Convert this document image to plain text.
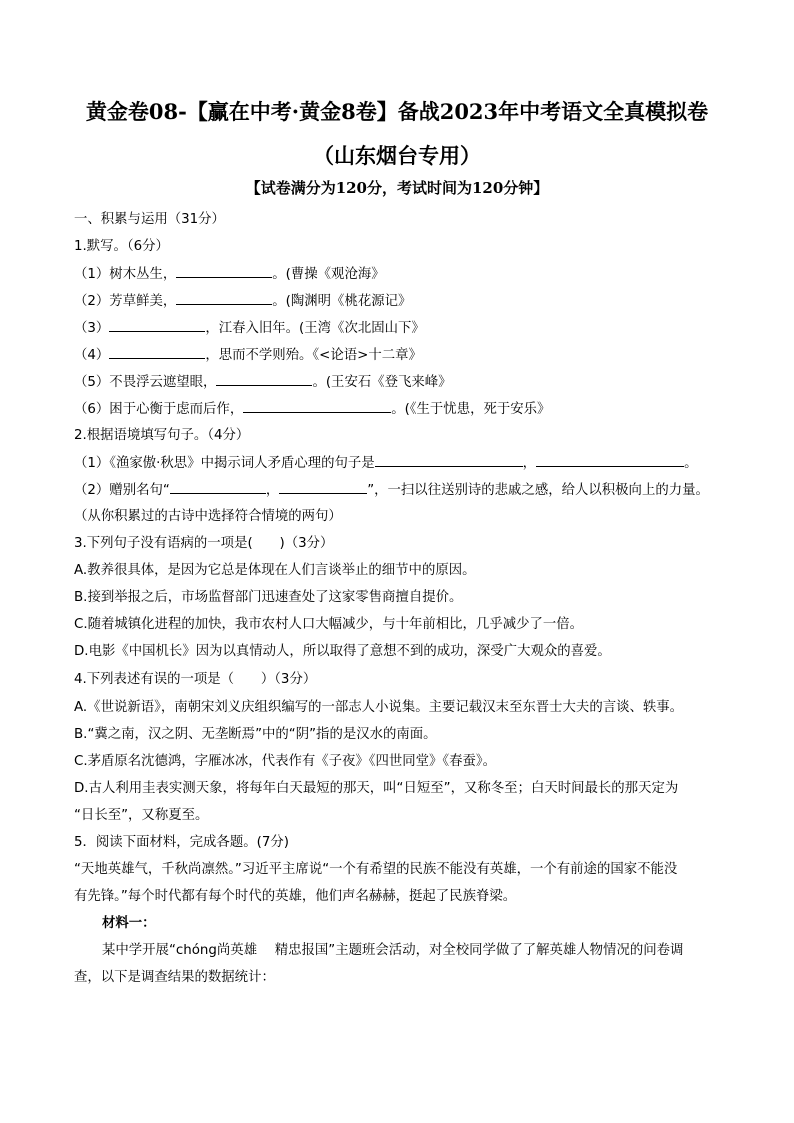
黄金卷08-【赢在中考·黄金8卷】备战2023年中考语文全真模拟卷
（山东烟台专用）
【试卷满分为120分，考试时间为120分钟】
一、积累与运用（31分）
1.默写。（6分）
（1）树木丛生，	。(曹操《观沧海》
（2）芳草鲜美，	。(陶渊明《桃花源记》
（3）	，江春入旧年。(王湾《次北固山下》
（4）	，思而不学则殆。《<论语>十二章》
（5）不畏浮云遮望眼，	。(王安石《登飞来峰》
（6）困于心衡于虑而后作，	。(《生于忧患，死于安乐》
2.根据语境填写句子。（4分）
（1）《渔家傲·秋思》中揭示词人矛盾心理的句子是	，	。
（2）赠别名句“	，	”，一扫以往送别诗的悲戚之感，给人以积极向上的力量。
（从你积累过的古诗中选择符合情境的两句）
3.下列句子没有语病的一项是(　　)（3分）
A.教养很具体，是因为它总是体现在人们言谈举止的细节中的原因。
B.接到举报之后，市场监督部门迅速查处了这家零售商擅自提价。
C.随着城镇化进程的加快，我市农村人口大幅减少，与十年前相比，几乎减少了一倍。
D.电影《中国机长》因为以真情动人，所以取得了意想不到的成功，深受广大观众的喜爱。
4.下列表述有误的一项是（　　）（3分）
A.《世说新语》，南朝宋刘义庆组织编写的一部志人小说集。主要记载汉末至东晋士大夫的言谈、轶事。
B.“冀之南，汉之阴、无垄断焉”中的“阴”指的是汉水的南面。
C.茅盾原名沈德鸿，字雁冰冰，代表作有《子夜》《四世同堂》《春蚕》。
D.古人利用圭表实测天象，将每年白天最短的那天，叫“日短至”，又称冬至；白天时间最长的那天定为
“日长至”，又称夏至。
5．阅读下面材料，完成各题。(7分)
“天地英雄气，千秋尚凛然。”习近平主席说“一个有希望的民族不能没有英雄，一个有前途的国家不能没
有先锋。”每个时代都有每个时代的英雄，他们声名赫赫，挺起了民族脊梁。
材料一：
某中学开展“chóng尚英雄　 精忠报国”主题班会活动，对全校同学做了了解英雄人物情况的问卷调
查，以下是调查结果的数据统计：
